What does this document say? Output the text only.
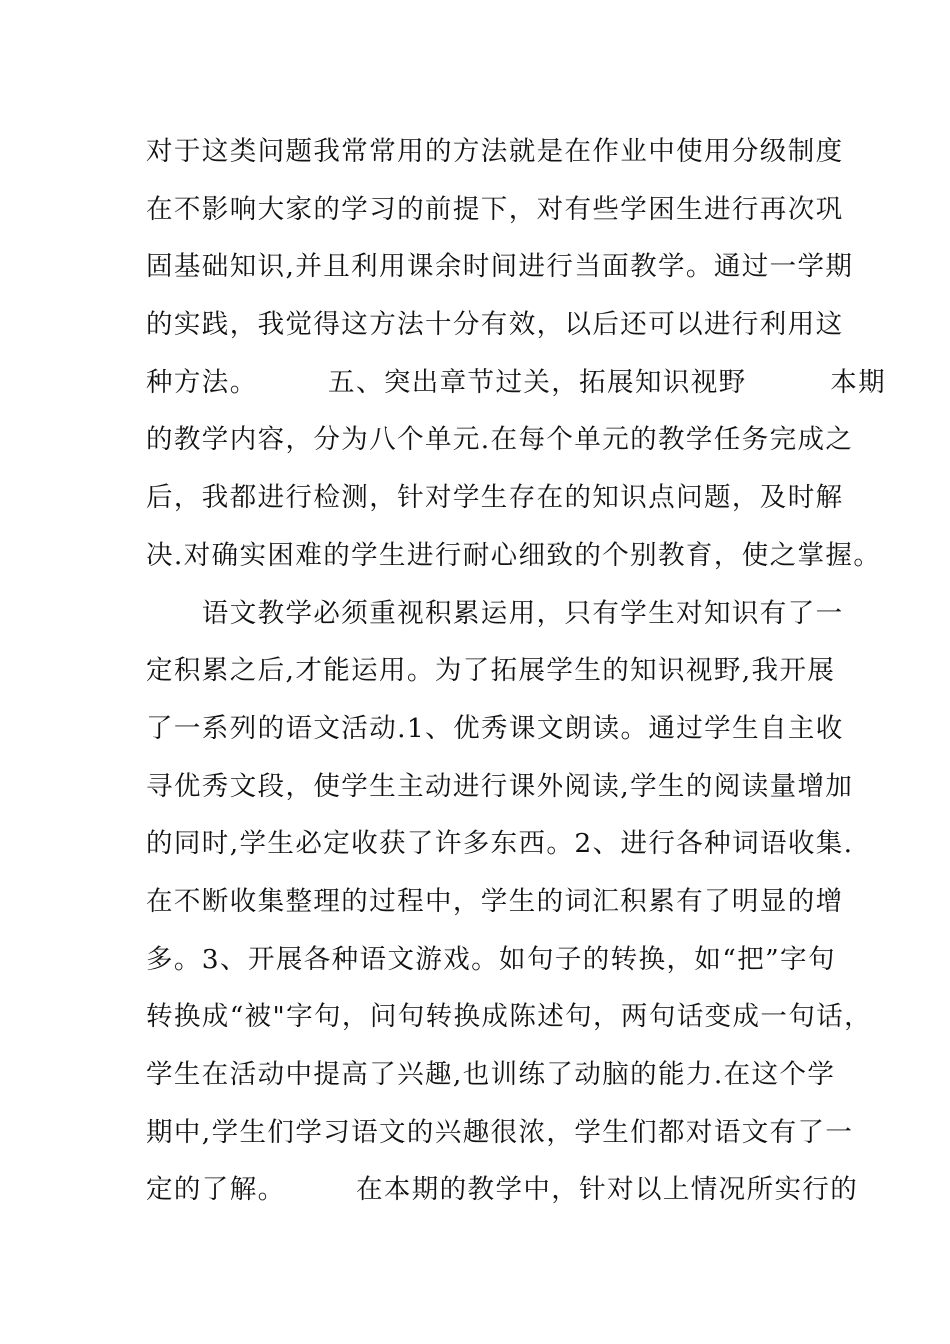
对于这类问题我常常用的方法就是在作业中使用分级制度
在不影响大家的学习的前提下，对有些学困生进行再次巩
固基础知识,并且利用课余时间进行当面教学。通过一学期
的实践，我觉得这方法十分有效，以后还可以进行利用这
种方法。　　　五、突出章节过关，拓展知识视野　　　本期
的教学内容，分为八个单元.在每个单元的教学任务完成之
后，我都进行检测，针对学生存在的知识点问题，及时解
决.对确实困难的学生进行耐心细致的个别教育，使之掌握。
　　语文教学必须重视积累运用，只有学生对知识有了一
定积累之后,才能运用。为了拓展学生的知识视野,我开展
了一系列的语文活动.1、优秀课文朗读。通过学生自主收
寻优秀文段，使学生主动进行课外阅读,学生的阅读量增加
的同时,学生必定收获了许多东西。2、进行各种词语收集.
在不断收集整理的过程中，学生的词汇积累有了明显的增
多。3、开展各种语文游戏。如句子的转换，如“把”字句
转换成“被"字句，问句转换成陈述句，两句话变成一句话，
学生在活动中提高了兴趣,也训练了动脑的能力.在这个学
期中,学生们学习语文的兴趣很浓，学生们都对语文有了一
定的了解。　　　在本期的教学中，针对以上情况所实行的
